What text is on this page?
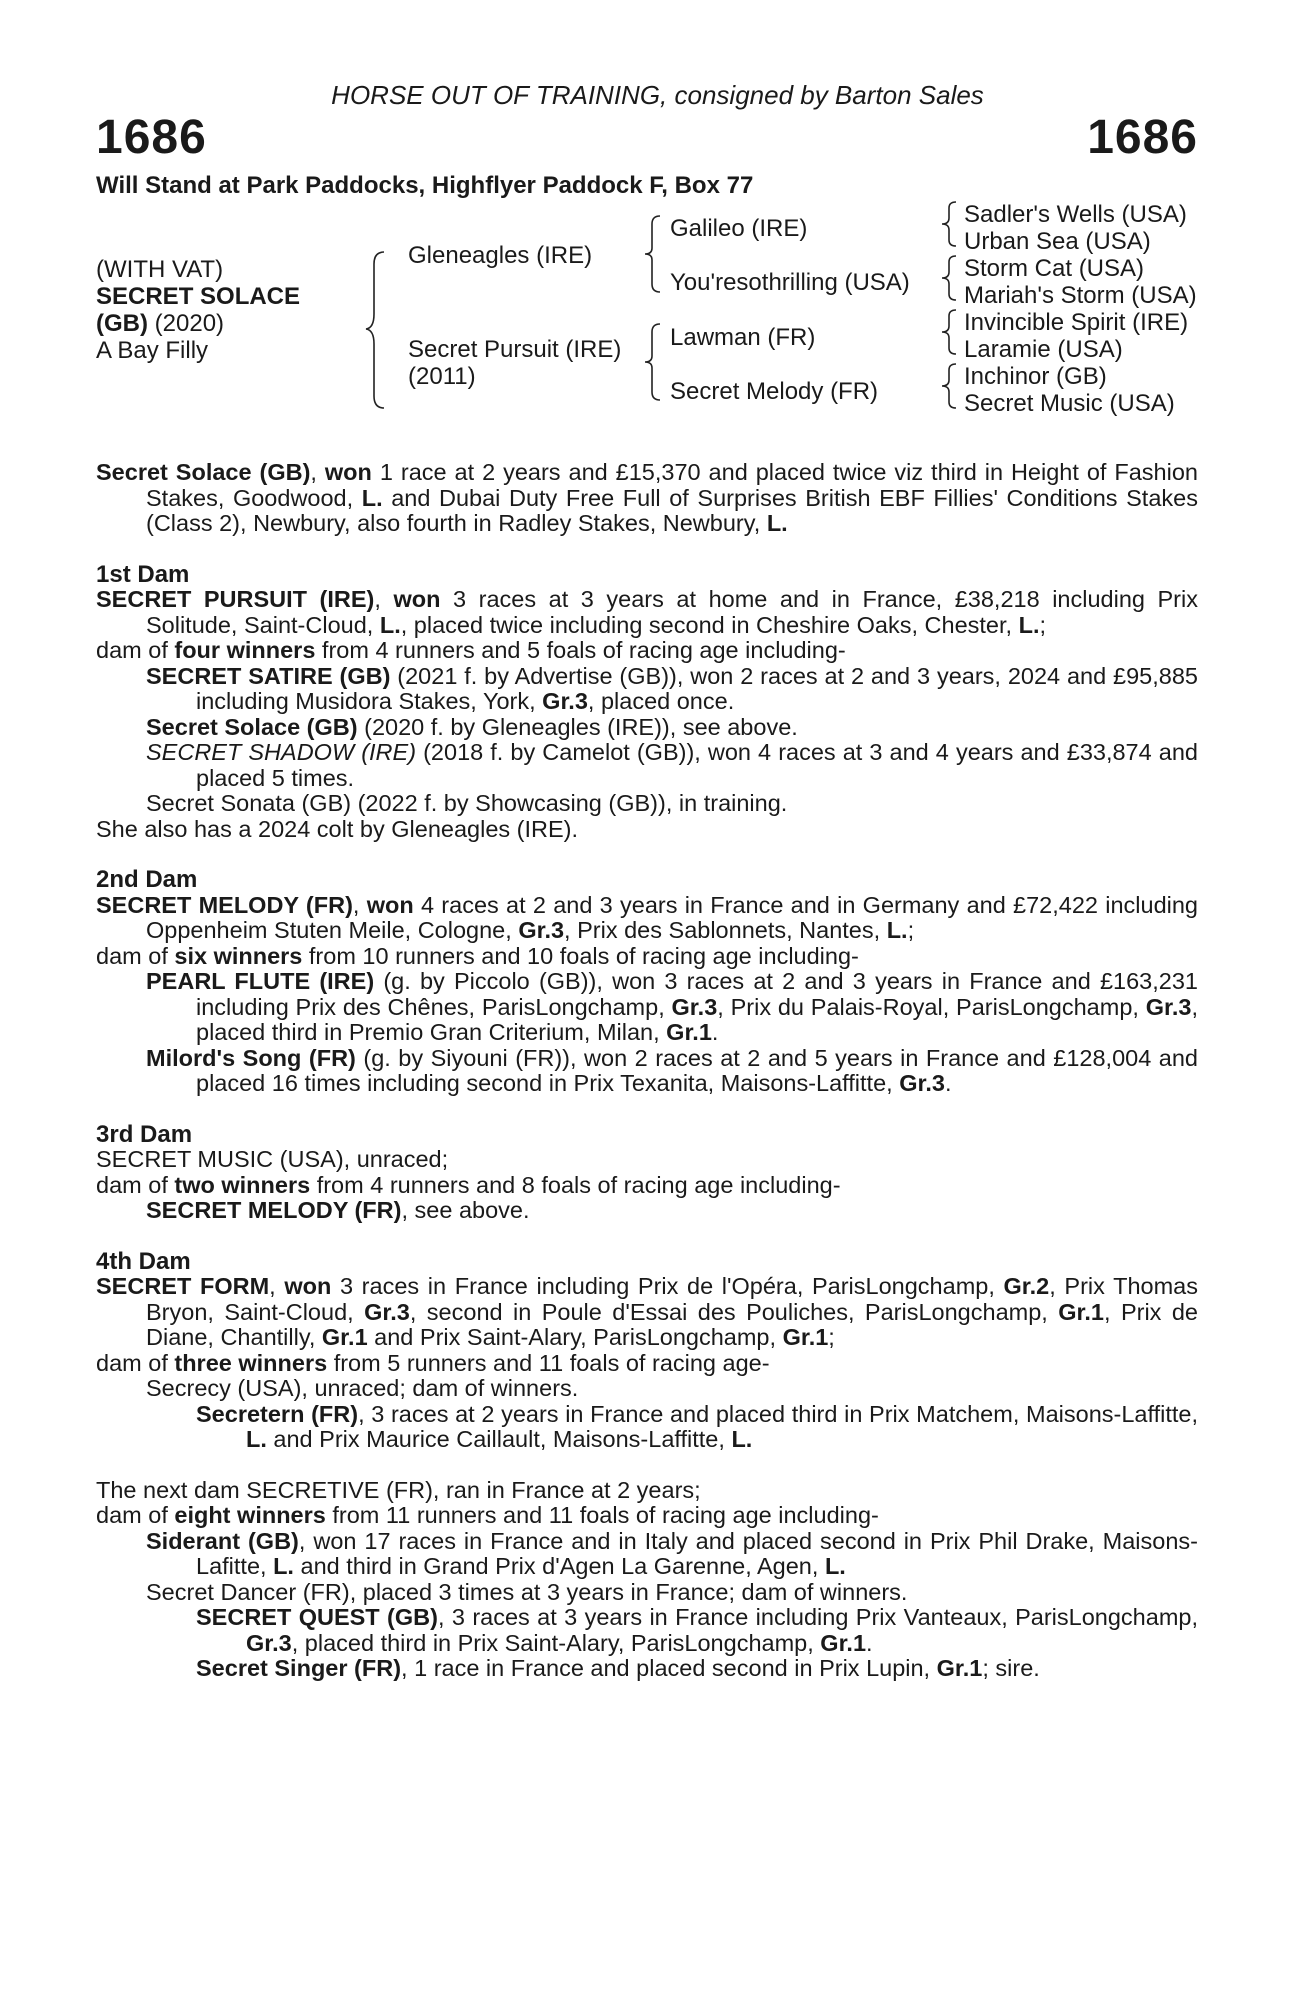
HORSE OUT OF TRAINING, consigned by Barton Sales
1686	1686
Will Stand at Park Paddocks, Highflyer Paddock F, Box 77
(WITH VAT)
SECRET SOLACE
(GB) (2020)
A Bay Filly
Gleneagles (IRE)
Secret Pursuit (IRE)
(2011)
Galileo (IRE)
You'resothrilling (USA)
Lawman (FR)
Secret Melody (FR)
Sadler's Wells (USA)
Urban Sea (USA)
Storm Cat (USA)
Mariah's Storm (USA)
Invincible Spirit (IRE)
Laramie (USA)
Inchinor (GB)
Secret Music (USA)
Secret Solace (GB), won 1 race at 2 years and £15,370 and placed twice viz third in Height of Fashion Stakes, Goodwood, L. and Dubai Duty Free Full of Surprises British EBF Fillies' Conditions Stakes (Class 2), Newbury, also fourth in Radley Stakes, Newbury, L.
1st Dam
SECRET PURSUIT (IRE), won 3 races at 3 years at home and in France, £38,218 including Prix Solitude, Saint-Cloud, L., placed twice including second in Cheshire Oaks, Chester, L.;
dam of four winners from 4 runners and 5 foals of racing age including-
SECRET SATIRE (GB) (2021 f. by Advertise (GB)), won 2 races at 2 and 3 years, 2024 and £95,885 including Musidora Stakes, York, Gr.3, placed once.
Secret Solace (GB) (2020 f. by Gleneagles (IRE)), see above.
SECRET SHADOW (IRE) (2018 f. by Camelot (GB)), won 4 races at 3 and 4 years and £33,874 and placed 5 times.
Secret Sonata (GB) (2022 f. by Showcasing (GB)), in training.
She also has a 2024 colt by Gleneagles (IRE).
2nd Dam
SECRET MELODY (FR), won 4 races at 2 and 3 years in France and in Germany and £72,422 including Oppenheim Stuten Meile, Cologne, Gr.3, Prix des Sablonnets, Nantes, L.;
dam of six winners from 10 runners and 10 foals of racing age including-
PEARL FLUTE (IRE) (g. by Piccolo (GB)), won 3 races at 2 and 3 years in France and £163,231 including Prix des Chênes, ParisLongchamp, Gr.3, Prix du Palais-Royal, ParisLongchamp, Gr.3, placed third in Premio Gran Criterium, Milan, Gr.1.
Milord's Song (FR) (g. by Siyouni (FR)), won 2 races at 2 and 5 years in France and £128,004 and placed 16 times including second in Prix Texanita, Maisons-Laffitte, Gr.3.
3rd Dam
SECRET MUSIC (USA), unraced;
dam of two winners from 4 runners and 8 foals of racing age including-
SECRET MELODY (FR), see above.
4th Dam
SECRET FORM, won 3 races in France including Prix de l'Opéra, ParisLongchamp, Gr.2, Prix Thomas Bryon, Saint-Cloud, Gr.3, second in Poule d'Essai des Pouliches, ParisLongchamp, Gr.1, Prix de Diane, Chantilly, Gr.1 and Prix Saint-Alary, ParisLongchamp, Gr.1;
dam of three winners from 5 runners and 11 foals of racing age-
Secrecy (USA), unraced; dam of winners.
Secretern (FR), 3 races at 2 years in France and placed third in Prix Matchem, Maisons-Laffitte, L. and Prix Maurice Caillault, Maisons-Laffitte, L.
The next dam SECRETIVE (FR), ran in France at 2 years;
dam of eight winners from 11 runners and 11 foals of racing age including-
Siderant (GB), won 17 races in France and in Italy and placed second in Prix Phil Drake, Maisons-Lafitte, L. and third in Grand Prix d'Agen La Garenne, Agen, L.
Secret Dancer (FR), placed 3 times at 3 years in France; dam of winners.
SECRET QUEST (GB), 3 races at 3 years in France including Prix Vanteaux, ParisLongchamp, Gr.3, placed third in Prix Saint-Alary, ParisLongchamp, Gr.1.
Secret Singer (FR), 1 race in France and placed second in Prix Lupin, Gr.1; sire.
